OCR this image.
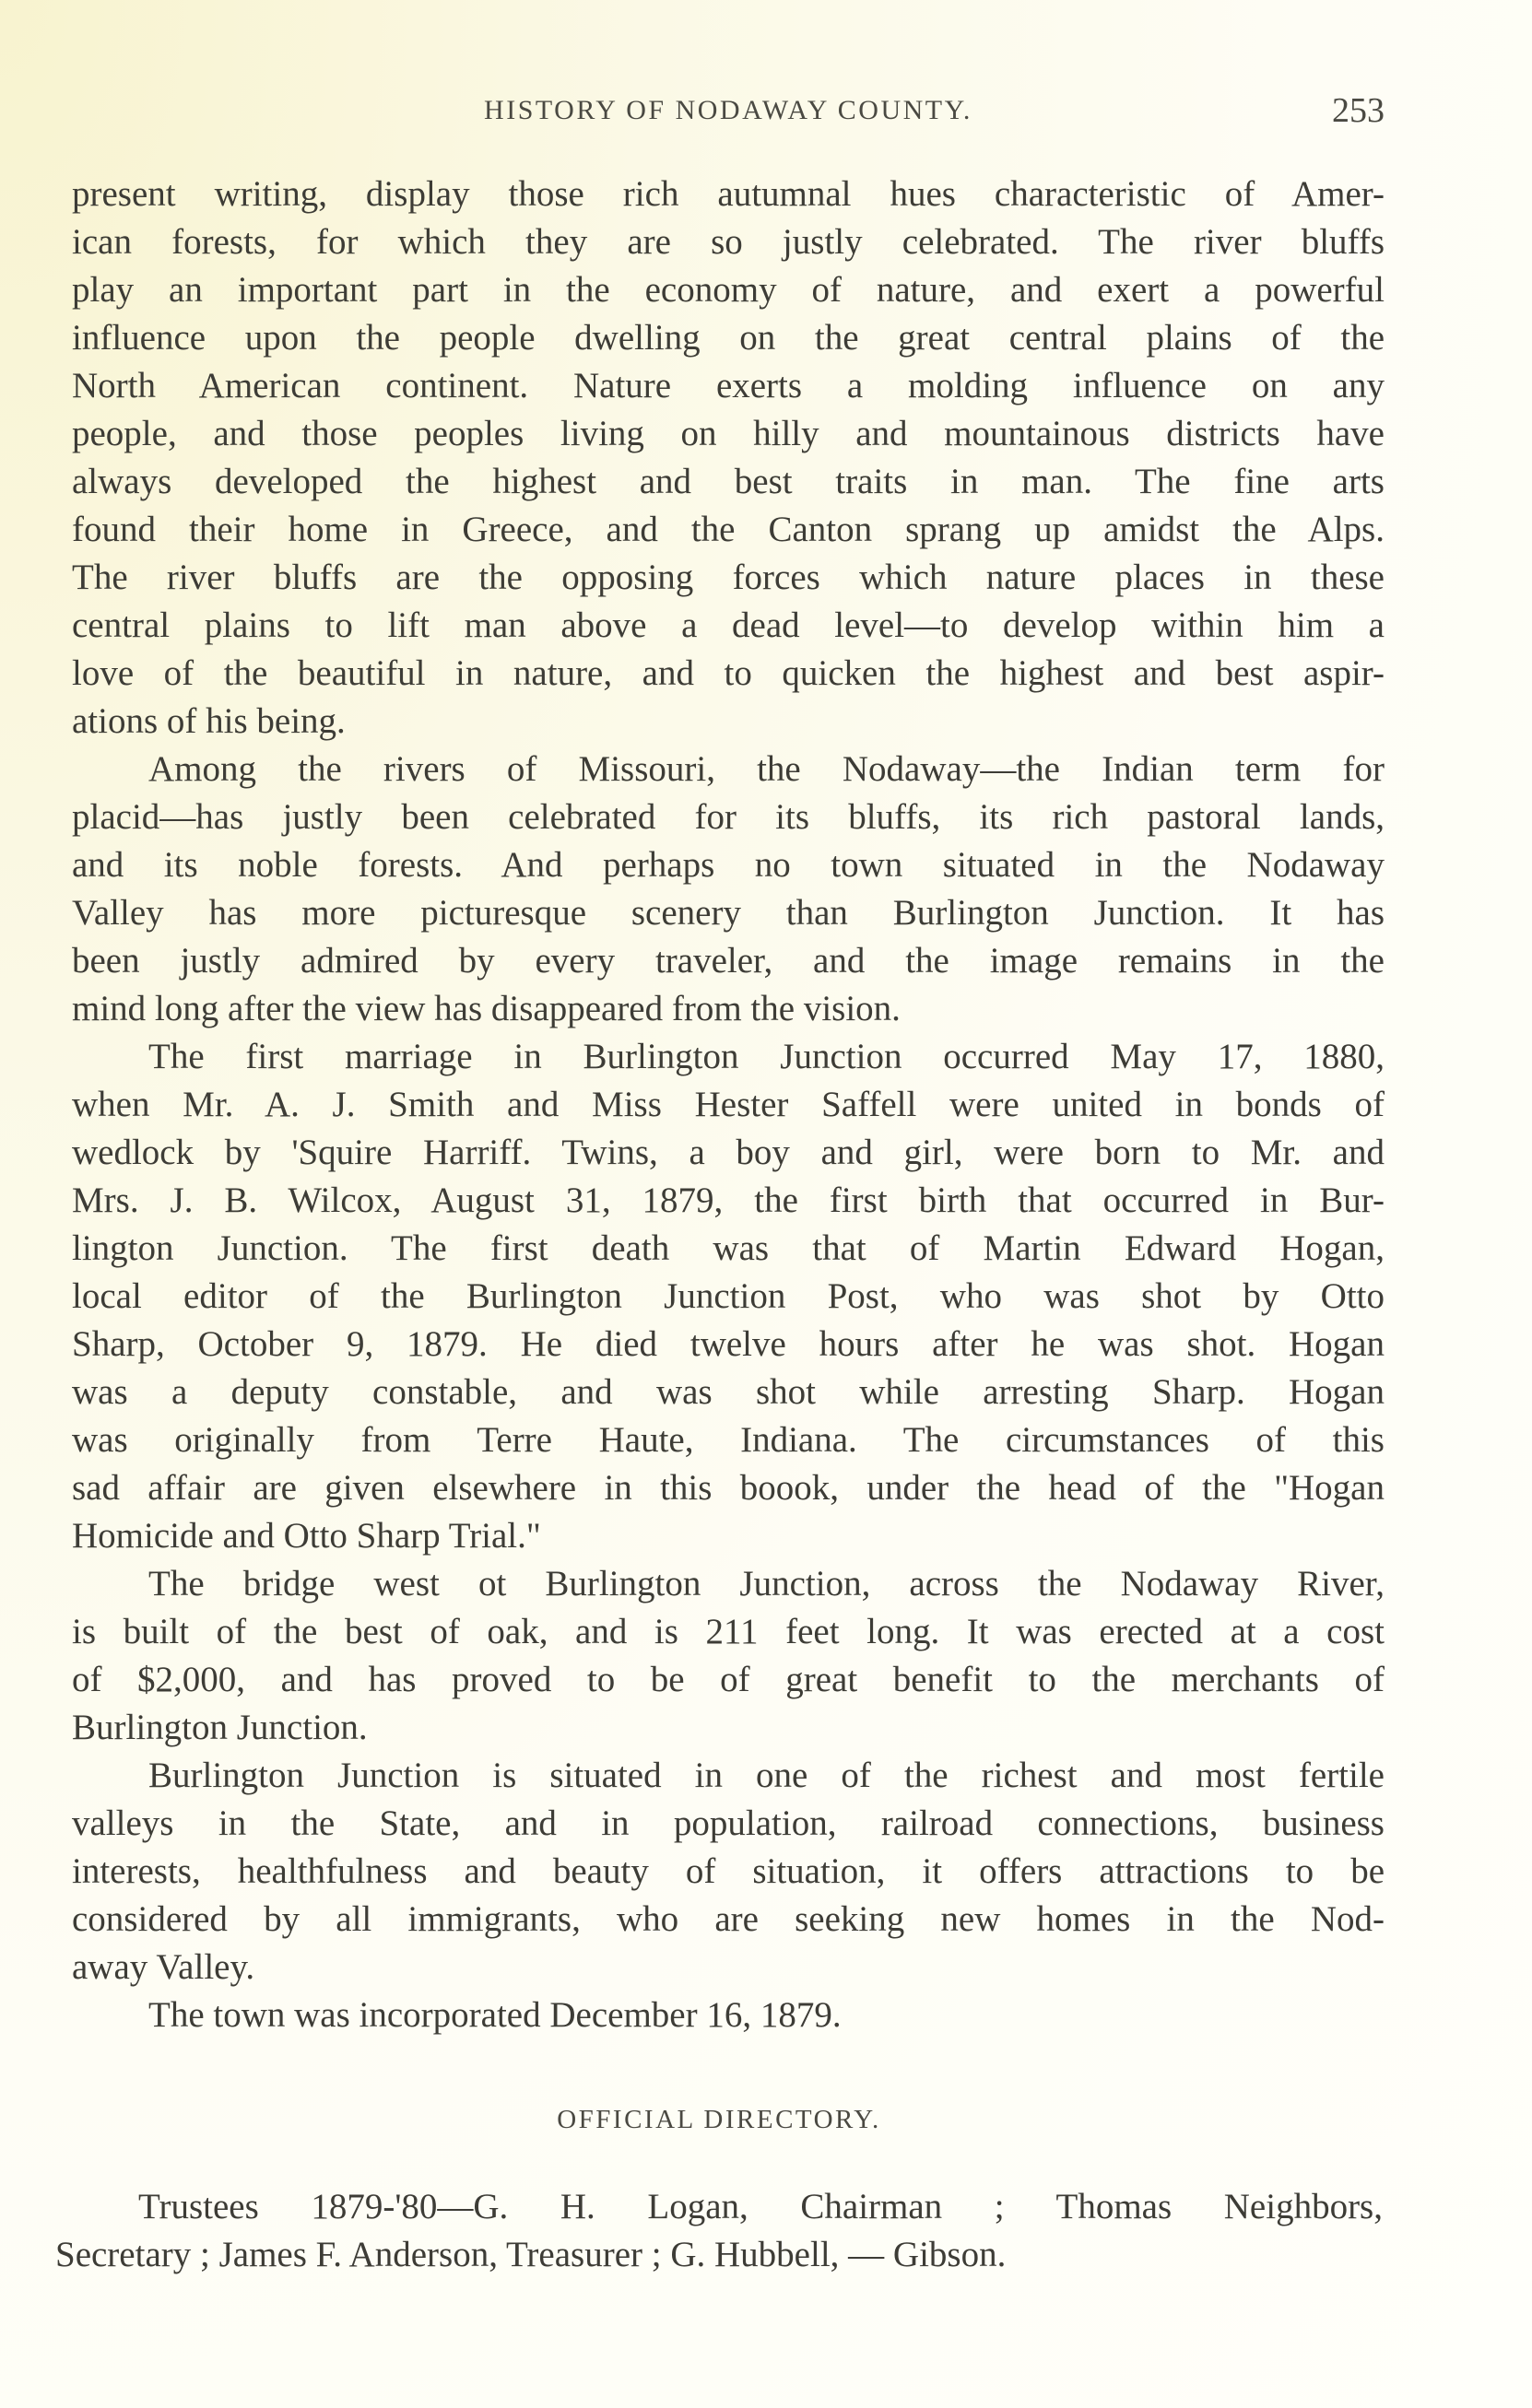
HISTORY OF NODAWAY COUNTY.	253
present writing, display those rich autumnal hues characteristic of Amer-
ican forests, for which they are so justly celebrated. The river bluffs
play an important part in the economy of nature, and exert a powerful
influence upon the people dwelling on the great central plains of the
North American continent. Nature exerts a molding influence on any
people, and those peoples living on hilly and mountainous districts have
always developed the highest and best traits in man. The fine arts
found their home in Greece, and the Canton sprang up amidst the Alps.
The river bluffs are the opposing forces which nature places in these
central plains to lift man above a dead level—to develop within him a
love of the beautiful in nature, and to quicken the highest and best aspir-
ations of his being.
Among the rivers of Missouri, the Nodaway—the Indian term for
placid—has justly been celebrated for its bluffs, its rich pastoral lands,
and its noble forests. And perhaps no town situated in the Nodaway
Valley has more picturesque scenery than Burlington Junction. It has
been justly admired by every traveler, and the image remains in the
mind long after the view has disappeared from the vision.
The first marriage in Burlington Junction occurred May 17, 1880,
when Mr. A. J. Smith and Miss Hester Saffell were united in bonds of
wedlock by 'Squire Harriff. Twins, a boy and girl, were born to Mr. and
Mrs. J. B. Wilcox, August 31, 1879, the first birth that occurred in Bur-
lington Junction. The first death was that of Martin Edward Hogan,
local editor of the Burlington Junction Post, who was shot by Otto
Sharp, October 9, 1879. He died twelve hours after he was shot. Hogan
was a deputy constable, and was shot while arresting Sharp. Hogan
was originally from Terre Haute, Indiana. The circumstances of this
sad affair are given elsewhere in this boook, under the head of the "Hogan
Homicide and Otto Sharp Trial."
The bridge west ot Burlington Junction, across the Nodaway River,
is built of the best of oak, and is 211 feet long. It was erected at a cost
of $2,000, and has proved to be of great benefit to the merchants of
Burlington Junction.
Burlington Junction is situated in one of the richest and most fertile
valleys in the State, and in population, railroad connections, business
interests, healthfulness and beauty of situation, it offers attractions to be
considered by all immigrants, who are seeking new homes in the Nod-
away Valley.
The town was incorporated December 16, 1879.
OFFICIAL DIRECTORY.
Trustees 1879-'80—G. H. Logan, Chairman ; Thomas Neighbors,
Secretary ; James F. Anderson, Treasurer ; G. Hubbell, — Gibson.
